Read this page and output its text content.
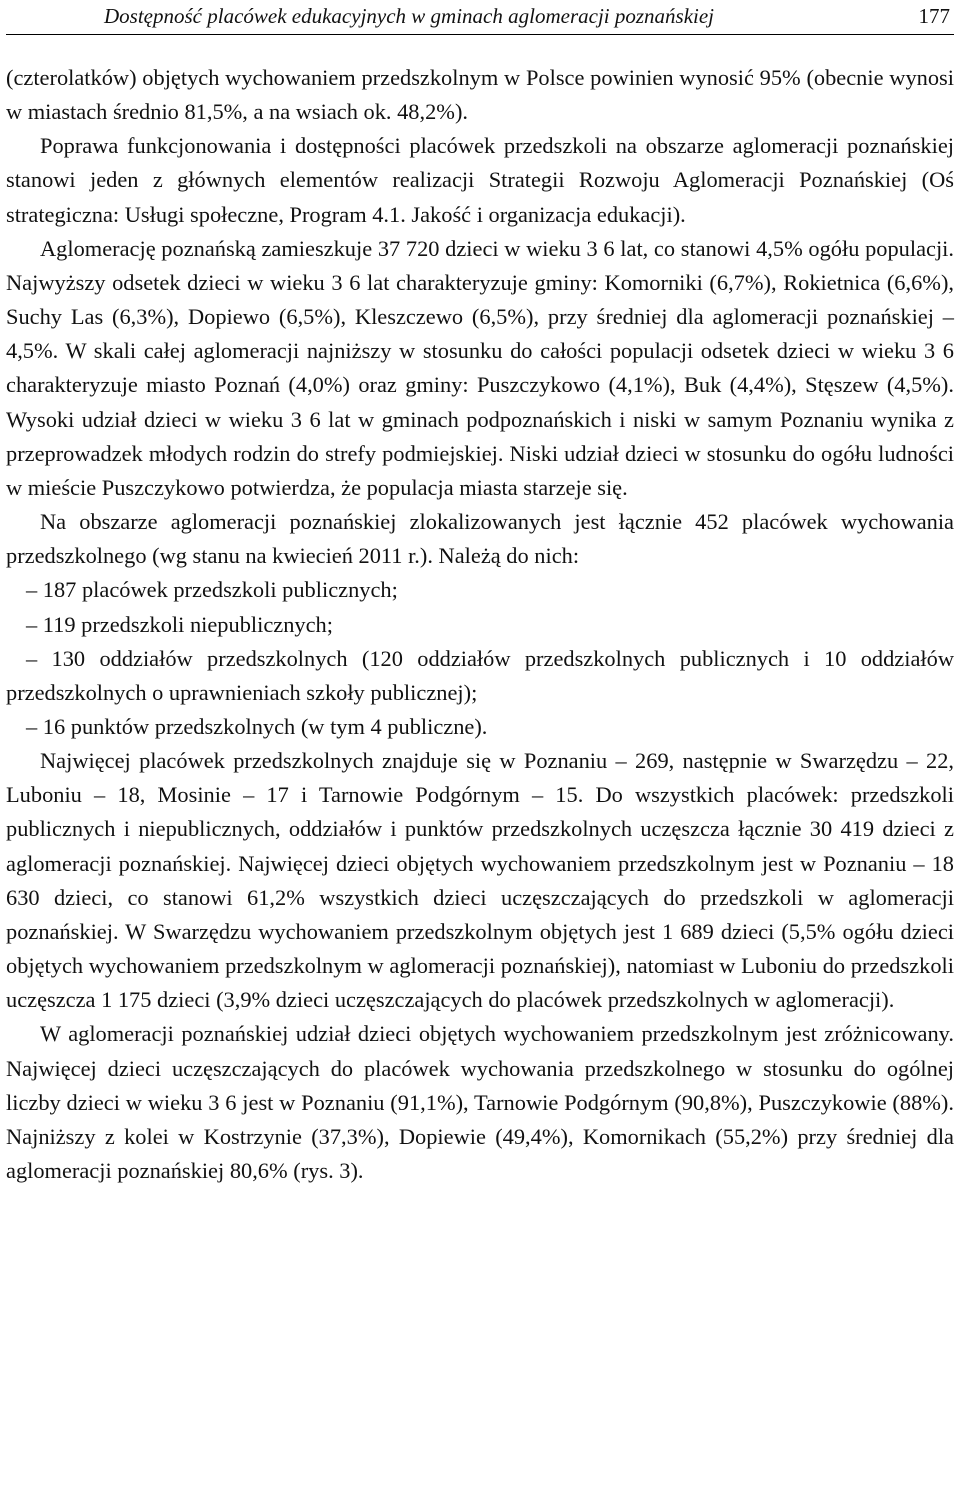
Dostępność placówek edukacyjnych w gminach aglomeracji poznańskiej	177

(czterolatków) objętych wychowaniem przedszkolnym w Polsce powinien wynosić 95% (obecnie wynosi w miastach średnio 81,5%, a na wsiach ok. 48,2%).

Poprawa funkcjonowania i dostępności placówek przedszkoli na obszarze aglomeracji poznańskiej stanowi jeden z głównych elementów realizacji Strategii Rozwoju Aglomeracji Poznańskiej (Oś strategiczna: Usługi społeczne, Program 4.1. Jakość i organizacja edukacji).

Aglomerację poznańską zamieszkuje 37 720 dzieci w wieku 3 6 lat, co stanowi 4,5% ogółu populacji. Najwyższy odsetek dzieci w wieku 3 6 lat charakteryzuje gminy: Komorniki (6,7%), Rokietnica (6,6%), Suchy Las (6,3%), Dopiewo (6,5%), Kleszczewo (6,5%), przy średniej dla aglomeracji poznańskiej – 4,5%. W skali całej aglomeracji najniższy w stosunku do całości populacji odsetek dzieci w wieku 3 6 charakteryzuje miasto Poznań (4,0%) oraz gminy: Puszczykowo (4,1%), Buk (4,4%), Stęszew (4,5%). Wysoki udział dzieci w wieku 3 6 lat w gminach podpoznańskich i niski w samym Poznaniu wynika z przeprowadzek młodych rodzin do strefy podmiejskiej. Niski udział dzieci w stosunku do ogółu ludności w mieście Puszczykowo potwierdza, że populacja miasta starzeje się.

Na obszarze aglomeracji poznańskiej zlokalizowanych jest łącznie 452 placówek wychowania przedszkolnego (wg stanu na kwiecień 2011 r.). Należą do nich:

– 187 placówek przedszkoli publicznych;

– 119 przedszkoli niepublicznych;

– 130 oddziałów przedszkolnych (120 oddziałów przedszkolnych publicznych i 10 oddziałów przedszkolnych o uprawnieniach szkoły publicznej);

– 16 punktów przedszkolnych (w tym 4 publiczne).

Najwięcej placówek przedszkolnych znajduje się w Poznaniu – 269, następnie w Swarzędzu – 22, Luboniu – 18, Mosinie – 17 i Tarnowie Podgórnym – 15. Do wszystkich placówek: przedszkoli publicznych i niepublicznych, oddziałów i punktów przedszkolnych uczęszcza łącznie 30 419 dzieci z aglomeracji poznańskiej. Najwięcej dzieci objętych wychowaniem przedszkolnym jest w Poznaniu – 18 630 dzieci, co stanowi 61,2% wszystkich dzieci uczęszczających do przedszkoli w aglomeracji poznańskiej. W Swarzędzu wychowaniem przedszkolnym objętych jest 1 689 dzieci (5,5% ogółu dzieci objętych wychowaniem przedszkolnym w aglomeracji poznańskiej), natomiast w Luboniu do przedszkoli uczęszcza 1 175 dzieci (3,9% dzieci uczęszczających do placówek przedszkolnych w aglomeracji).

W aglomeracji poznańskiej udział dzieci objętych wychowaniem przedszkolnym jest zróżnicowany. Najwięcej dzieci uczęszczających do placówek wychowania przedszkolnego w stosunku do ogólnej liczby dzieci w wieku 3 6 jest w Poznaniu (91,1%), Tarnowie Podgórnym (90,8%), Puszczykowie (88%). Najniższy z kolei w Kostrzynie (37,3%), Dopiewie (49,4%), Komornikach (55,2%) przy średniej dla aglomeracji poznańskiej 80,6% (rys. 3).
